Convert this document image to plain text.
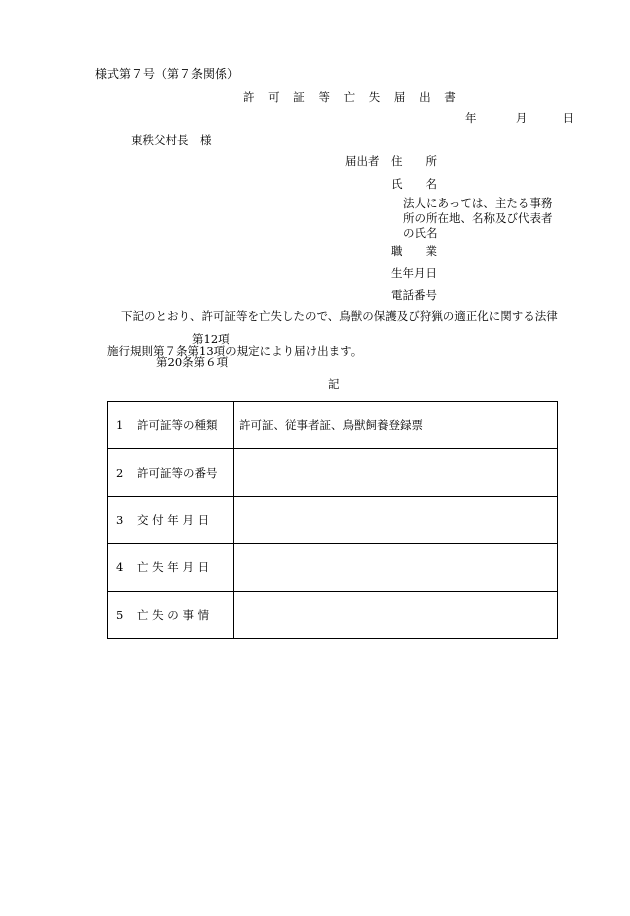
様式第７号（第７条関係）
許 可 証 等 亡 失 届 出 書
年	月	日
東秩父村長　様
届出者 住　　所
氏　　名
法人にあっては、主たる事務所の所在地、名称及び代表者の氏名
職　　業
生年月日
電話番号
下記のとおり、許可証等を亡失したので、鳥獣の保護及び狩猟の適正化に関する法律
第12項
施行規則第７条第13項の規定により届け出ます。
第20条第６項
記
1 許可証等の種類	許可証、従事者証、鳥獣飼養登録票
2 許可証等の番号	
3 交 付 年 月 日	
4 亡 失 年 月 日	
5 亡 失 の 事 情	
